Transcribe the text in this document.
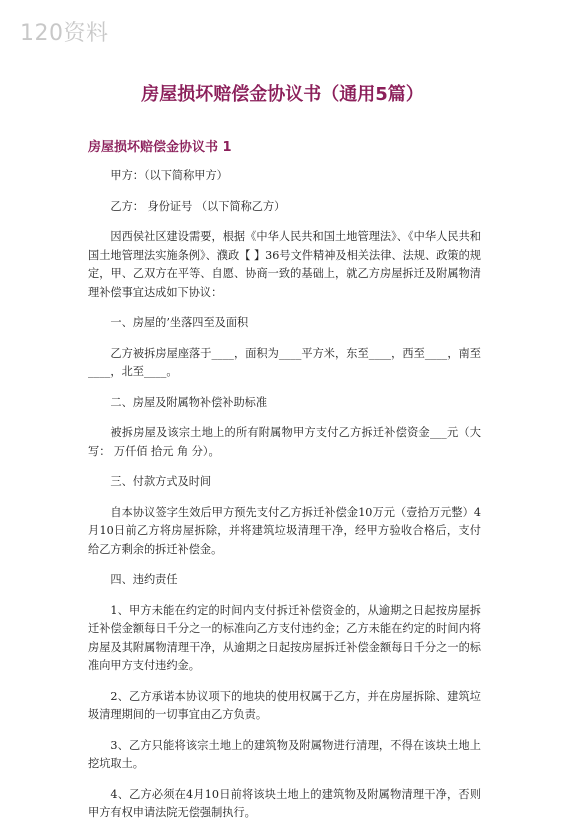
120资料
房屋损坏赔偿金协议书（通用5篇）
房屋损坏赔偿金协议书 1

甲方：（以下简称甲方）

乙方： 身份证号 （以下简称乙方）

因西侯社区建设需要，根据《中华人民共和国土地管理法》、《中华人民共和国土地管理法实施条例》、濮政【 】36号文件精神及相关法律、法规、政策的规定，甲、乙双方在平等、自愿、协商一致的基础上，就乙方房屋拆迁及附属物清理补偿事宜达成如下协议：

一、房屋的’坐落四至及面积

乙方被拆房屋座落于____，面积为____平方米，东至____，西至____，南至____，北至____。

二、房屋及附属物补偿补助标准

被拆房屋及该宗土地上的所有附属物甲方支付乙方拆迁补偿资金___元（大写： 万仟佰 拾元 角 分）。

三、付款方式及时间

自本协议签字生效后甲方预先支付乙方拆迁补偿金10万元（壹拾万元整）4月10日前乙方将房屋拆除，并将建筑垃圾清理干净，经甲方验收合格后，支付给乙方剩余的拆迁补偿金。

四、违约责任

1、甲方未能在约定的时间内支付拆迁补偿资金的，从逾期之日起按房屋拆迁补偿金额每日千分之一的标准向乙方支付违约金；乙方未能在约定的时间内将房屋及其附属物清理干净，从逾期之日起按房屋拆迁补偿金额每日千分之一的标准向甲方支付违约金。

2、乙方承诺本协议项下的地块的使用权属于乙方，并在房屋拆除、建筑垃圾清理期间的一切事宜由乙方负责。

3、乙方只能将该宗土地上的建筑物及附属物进行清理，不得在该块土地上挖坑取土。

4、乙方必须在4月10日前将该块土地上的建筑物及附属物清理干净，否则甲方有权申请法院无偿强制执行。
